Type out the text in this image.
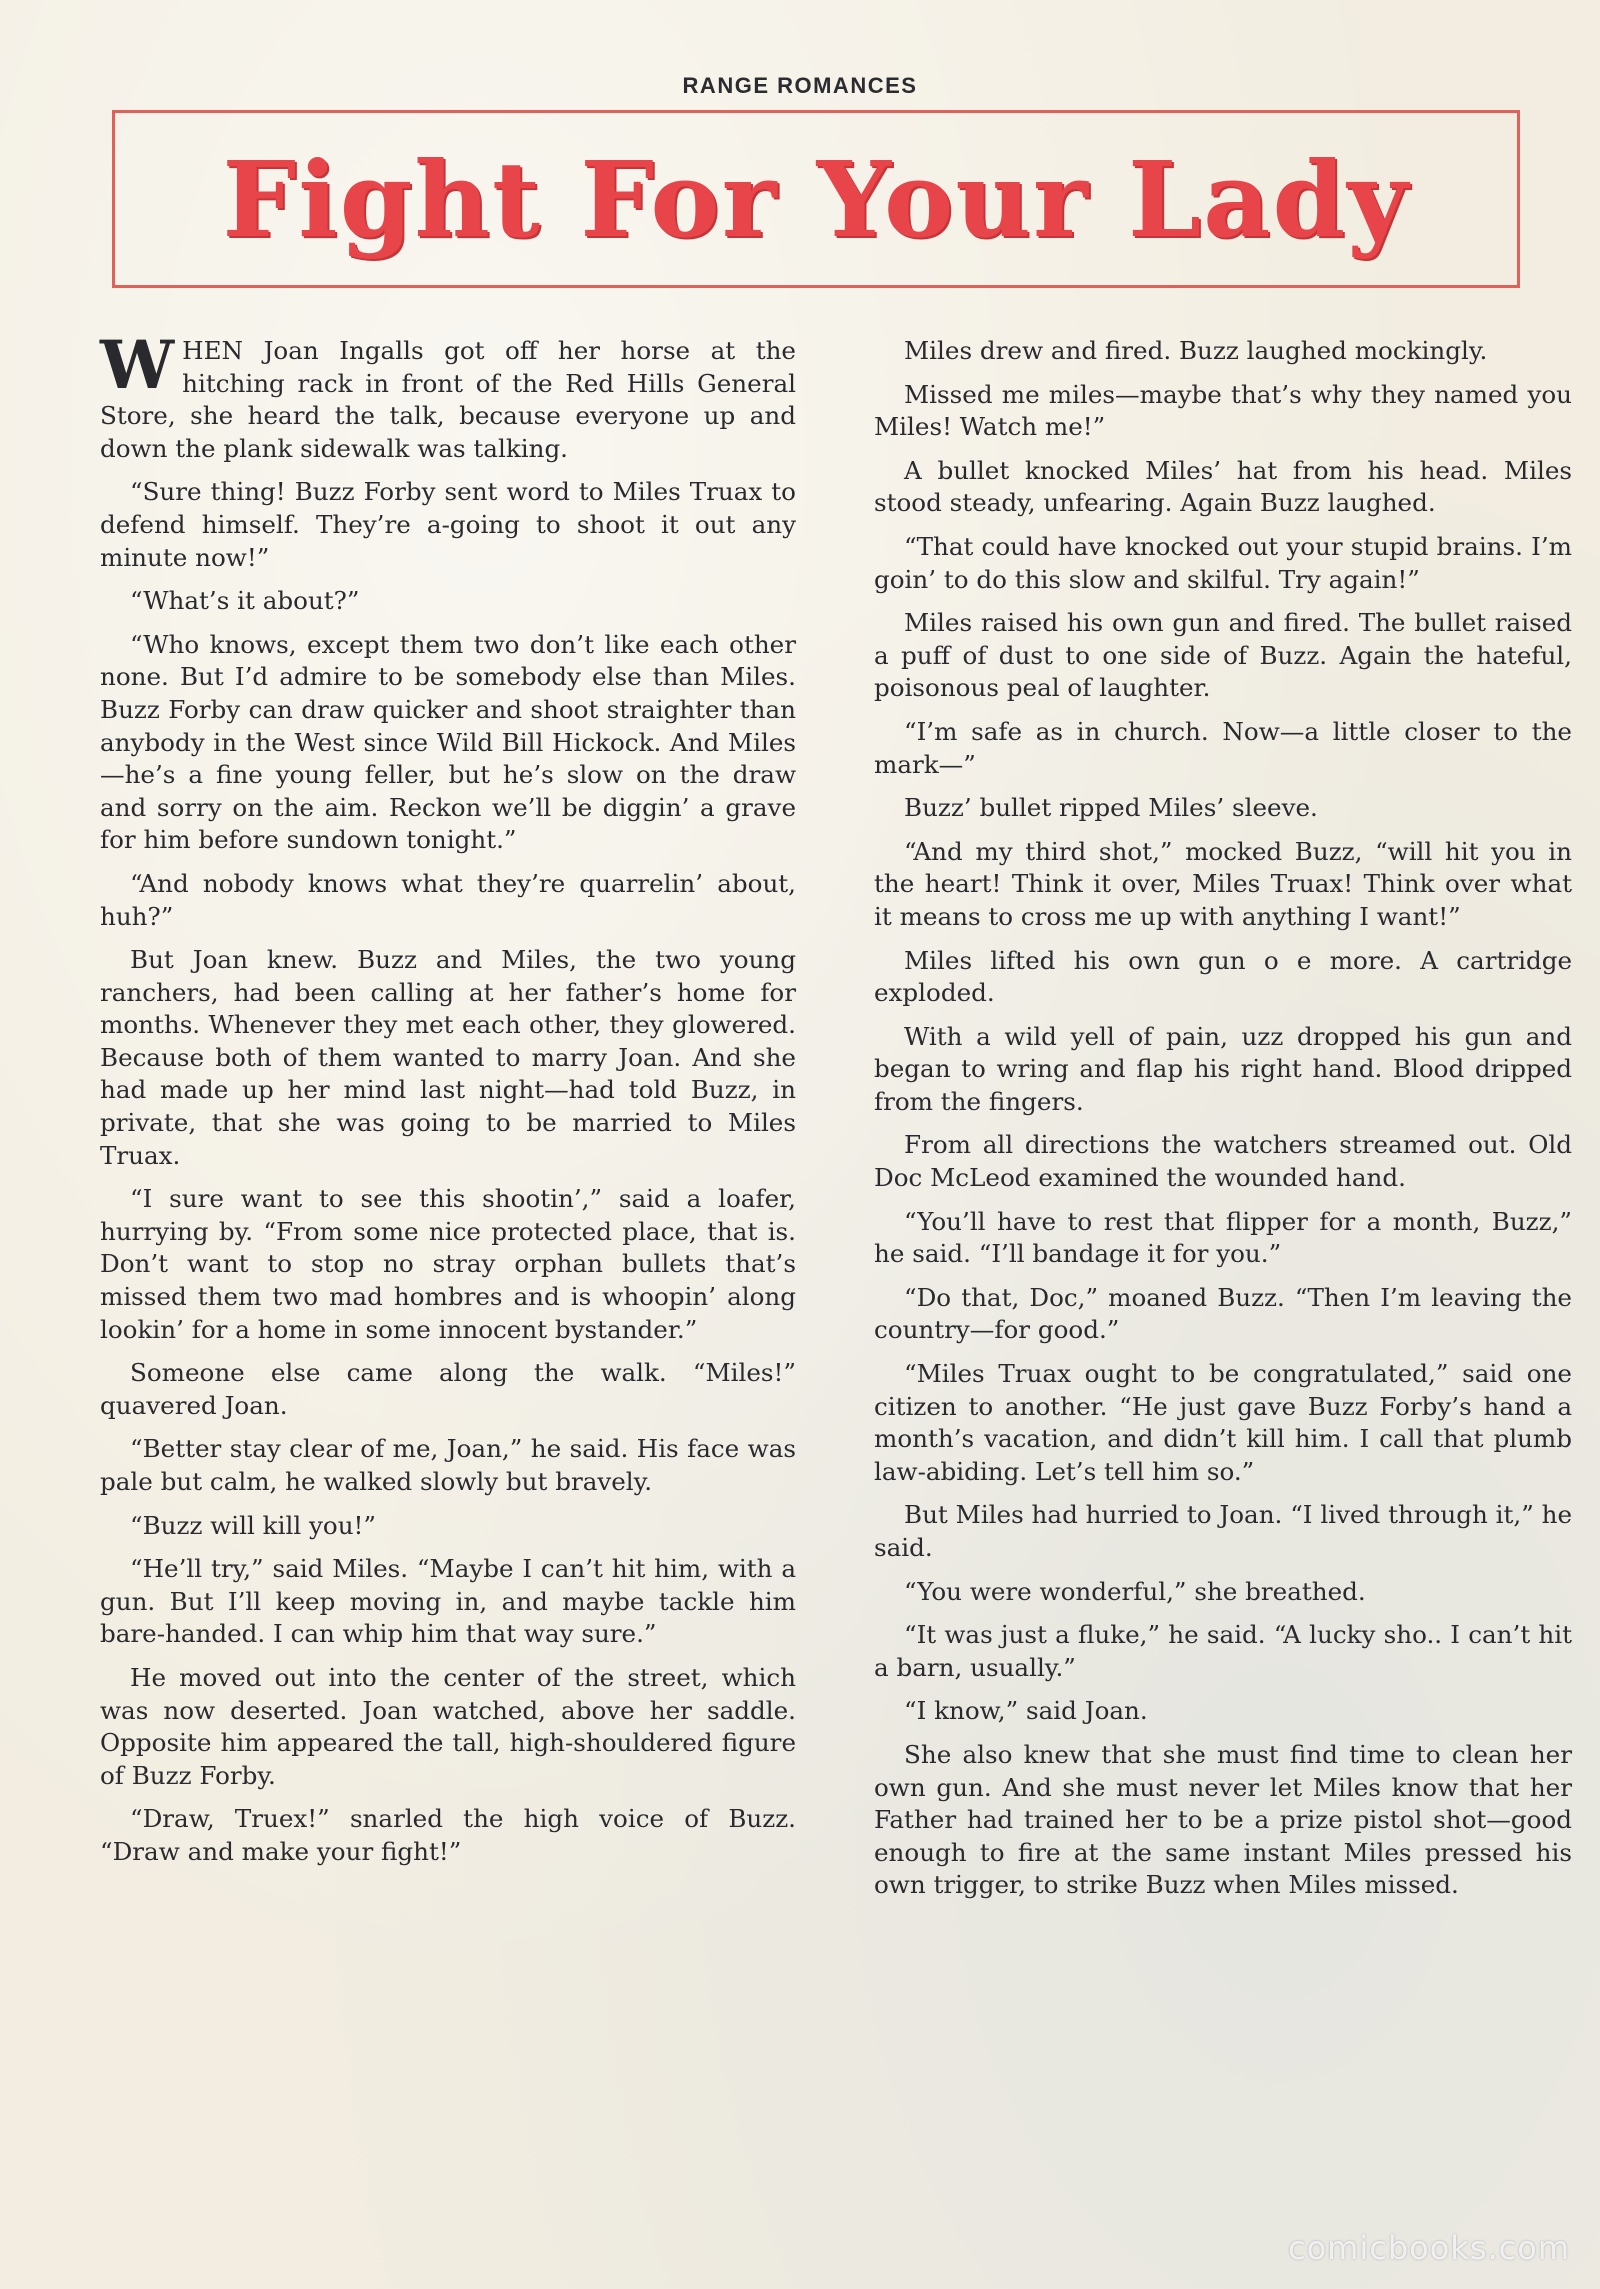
RANGE ROMANCES
Fight For Your Lady

WHEN Joan Ingalls got off her horse at the hitching rack in front of the Red Hills General Store, she heard the talk, because everyone up and down the plank sidewalk was talking.

“Sure thing! Buzz Forby sent word to Miles Truax to defend himself. They’re a-going to shoot it out any minute now!”

“What’s it about?”

“Who knows, except them two don’t like each other none. But I’d admire to be somebody else than Miles. Buzz Forby can draw quicker and shoot straighter than anybody in the West since Wild Bill Hickock. And Miles—he’s a fine young feller, but he’s slow on the draw and sorry on the aim. Reckon we’ll be diggin’ a grave for him before sundown tonight.”

“And nobody knows what they’re quarrelin’ about, huh?”

But Joan knew. Buzz and Miles, the two young ranchers, had been calling at her father’s home for months. Whenever they met each other, they glowered. Because both of them wanted to marry Joan. And she had made up her mind last night—had told Buzz, in private, that she was going to be married to Miles Truax.

“I sure want to see this shootin’,” said a loafer, hurrying by. “From some nice protected place, that is. Don’t want to stop no stray orphan bullets that’s missed them two mad hombres and is whoopin’ along lookin’ for a home in some innocent bystander.”

Someone else came along the walk. “Miles!” quavered Joan.

“Better stay clear of me, Joan,” he said. His face was pale but calm, he walked slowly but bravely.

“Buzz will kill you!”

“He’ll try,” said Miles. “Maybe I can’t hit him, with a gun. But I’ll keep moving in, and maybe tackle him bare-handed. I can whip him that way sure.”

He moved out into the center of the street, which was now deserted. Joan watched, above her saddle. Opposite him appeared the tall, high-shouldered figure of Buzz Forby.

“Draw, Truex!” snarled the high voice of Buzz. “Draw and make your fight!”

Miles drew and fired. Buzz laughed mockingly.

Missed me miles—maybe that’s why they named you Miles! Watch me!”

A bullet knocked Miles’ hat from his head. Miles stood steady, unfearing. Again Buzz laughed.

“That could have knocked out your stupid brains. I’m goin’ to do this slow and skilful. Try again!”

Miles raised his own gun and fired. The bullet raised a puff of dust to one side of Buzz. Again the hateful, poisonous peal of laughter.

“I’m safe as in church. Now—a little closer to the mark—”

Buzz’ bullet ripped Miles’ sleeve.

“And my third shot,” mocked Buzz, “will hit you in the heart! Think it over, Miles Truax! Think over what it means to cross me up with anything I want!”

Miles lifted his own gun o e more. A cartridge exploded.

With a wild yell of pain, uzz dropped his gun and began to wring and flap his right hand. Blood dripped from the fingers.

From all directions the watchers streamed out. Old Doc McLeod examined the wounded hand.

“You’ll have to rest that flipper for a month, Buzz,” he said. “I’ll bandage it for you.”

“Do that, Doc,” moaned Buzz. “Then I’m leaving the country—for good.”

“Miles Truax ought to be congratulated,” said one citizen to another. “He just gave Buzz Forby’s hand a month’s vacation, and didn’t kill him. I call that plumb law-abiding. Let’s tell him so.”

But Miles had hurried to Joan. “I lived through it,” he said.

“You were wonderful,” she breathed.

“It was just a fluke,” he said. “A lucky sho.. I can’t hit a barn, usually.”

“I know,” said Joan.

She also knew that she must find time to clean her own gun. And she must never let Miles know that her Father had trained her to be a prize pistol shot—good enough to fire at the same instant Miles pressed his own trigger, to strike Buzz when Miles missed.

comicbooks.com
